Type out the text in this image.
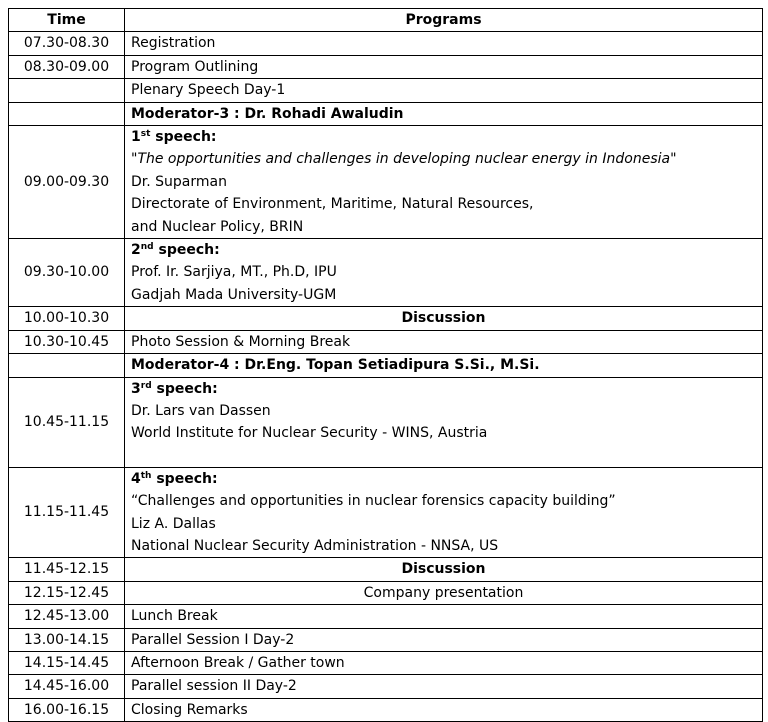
Time	Programs
07.30-08.30	Registration
08.30-09.00	Program Outlining
	Plenary Speech Day-1
	Moderator-3 : Dr. Rohadi Awaludin
09.00-09.30	1st speech:
"The opportunities and challenges in developing nuclear energy in Indonesia"
Dr. Suparman
Directorate of Environment, Maritime, Natural Resources,
and Nuclear Policy, BRIN

09.30-10.00	2nd speech:
Prof. Ir. Sarjiya, MT., Ph.D, IPU
Gadjah Mada University-UGM

10.00-10.30	Discussion
10.30-10.45	Photo Session & Morning Break
	Moderator-4 : Dr.Eng. Topan Setiadipura S.Si., M.Si.
10.45-11.15	3rd speech:
Dr. Lars van Dassen
World Institute for Nuclear Security - WINS, Austria

11.15-11.45	4th speech:
“Challenges and opportunities in nuclear forensics capacity building”
Liz A. Dallas
National Nuclear Security Administration - NNSA, US

11.45-12.15	Discussion
12.15-12.45	Company presentation
12.45-13.00	Lunch Break
13.00-14.15	Parallel Session I Day-2
14.15-14.45	Afternoon Break / Gather town
14.45-16.00	Parallel session II Day-2
16.00-16.15	Closing Remarks
